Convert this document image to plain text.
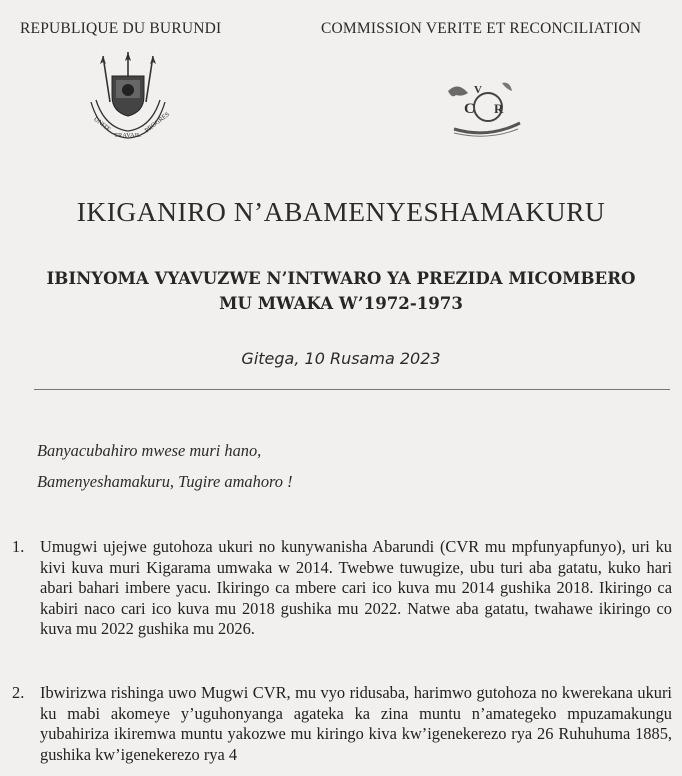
REPUBLIQUE DU BURUNDI	COMMISSION VERITE ET RECONCILIATION
UNITE
TRAVAIL
PROGRES
V
C R
IKIGANIRO N’ABAMENYESHAMAKURU
IBINYOMA VYAVUZWE N’INTWARO YA PREZIDA MICOMBERO
MU MWAKA W’1972-1973
Gitega, 10 Rusama 2023
Banyacubahiro mwese muri hano,
Bamenyeshamakuru, Tugire amahoro !
1. Umugwi ujejwe gutohoza ukuri no kunywanisha Abarundi (CVR mu mpfunyapfunyo), uri ku kivi kuva muri Kigarama umwaka w 2014. Twebwe tuwugize, ubu turi aba gatatu, kuko hari abari bahari imbere yacu. Ikiringo ca mbere cari ico kuva mu 2014 gushika 2018. Ikiringo ca kabiri naco cari ico kuva mu 2018 gushika mu 2022. Natwe aba gatatu, twahawe ikiringo co kuva mu 2022 gushika mu 2026.
2. Ibwirizwa rishinga uwo Mugwi CVR, mu vyo ridusaba, harimwo gutohoza no kwerekana ukuri ku mabi akomeye y’uguhonyanga agateka ka zina muntu n’amategeko mpuzamakungu yubahiriza ikiremwa muntu yakozwe mu kiringo kiva kw’igenekerezo rya 26 Ruhuhuma 1885, gushika kw’igenekerezo rya 4
